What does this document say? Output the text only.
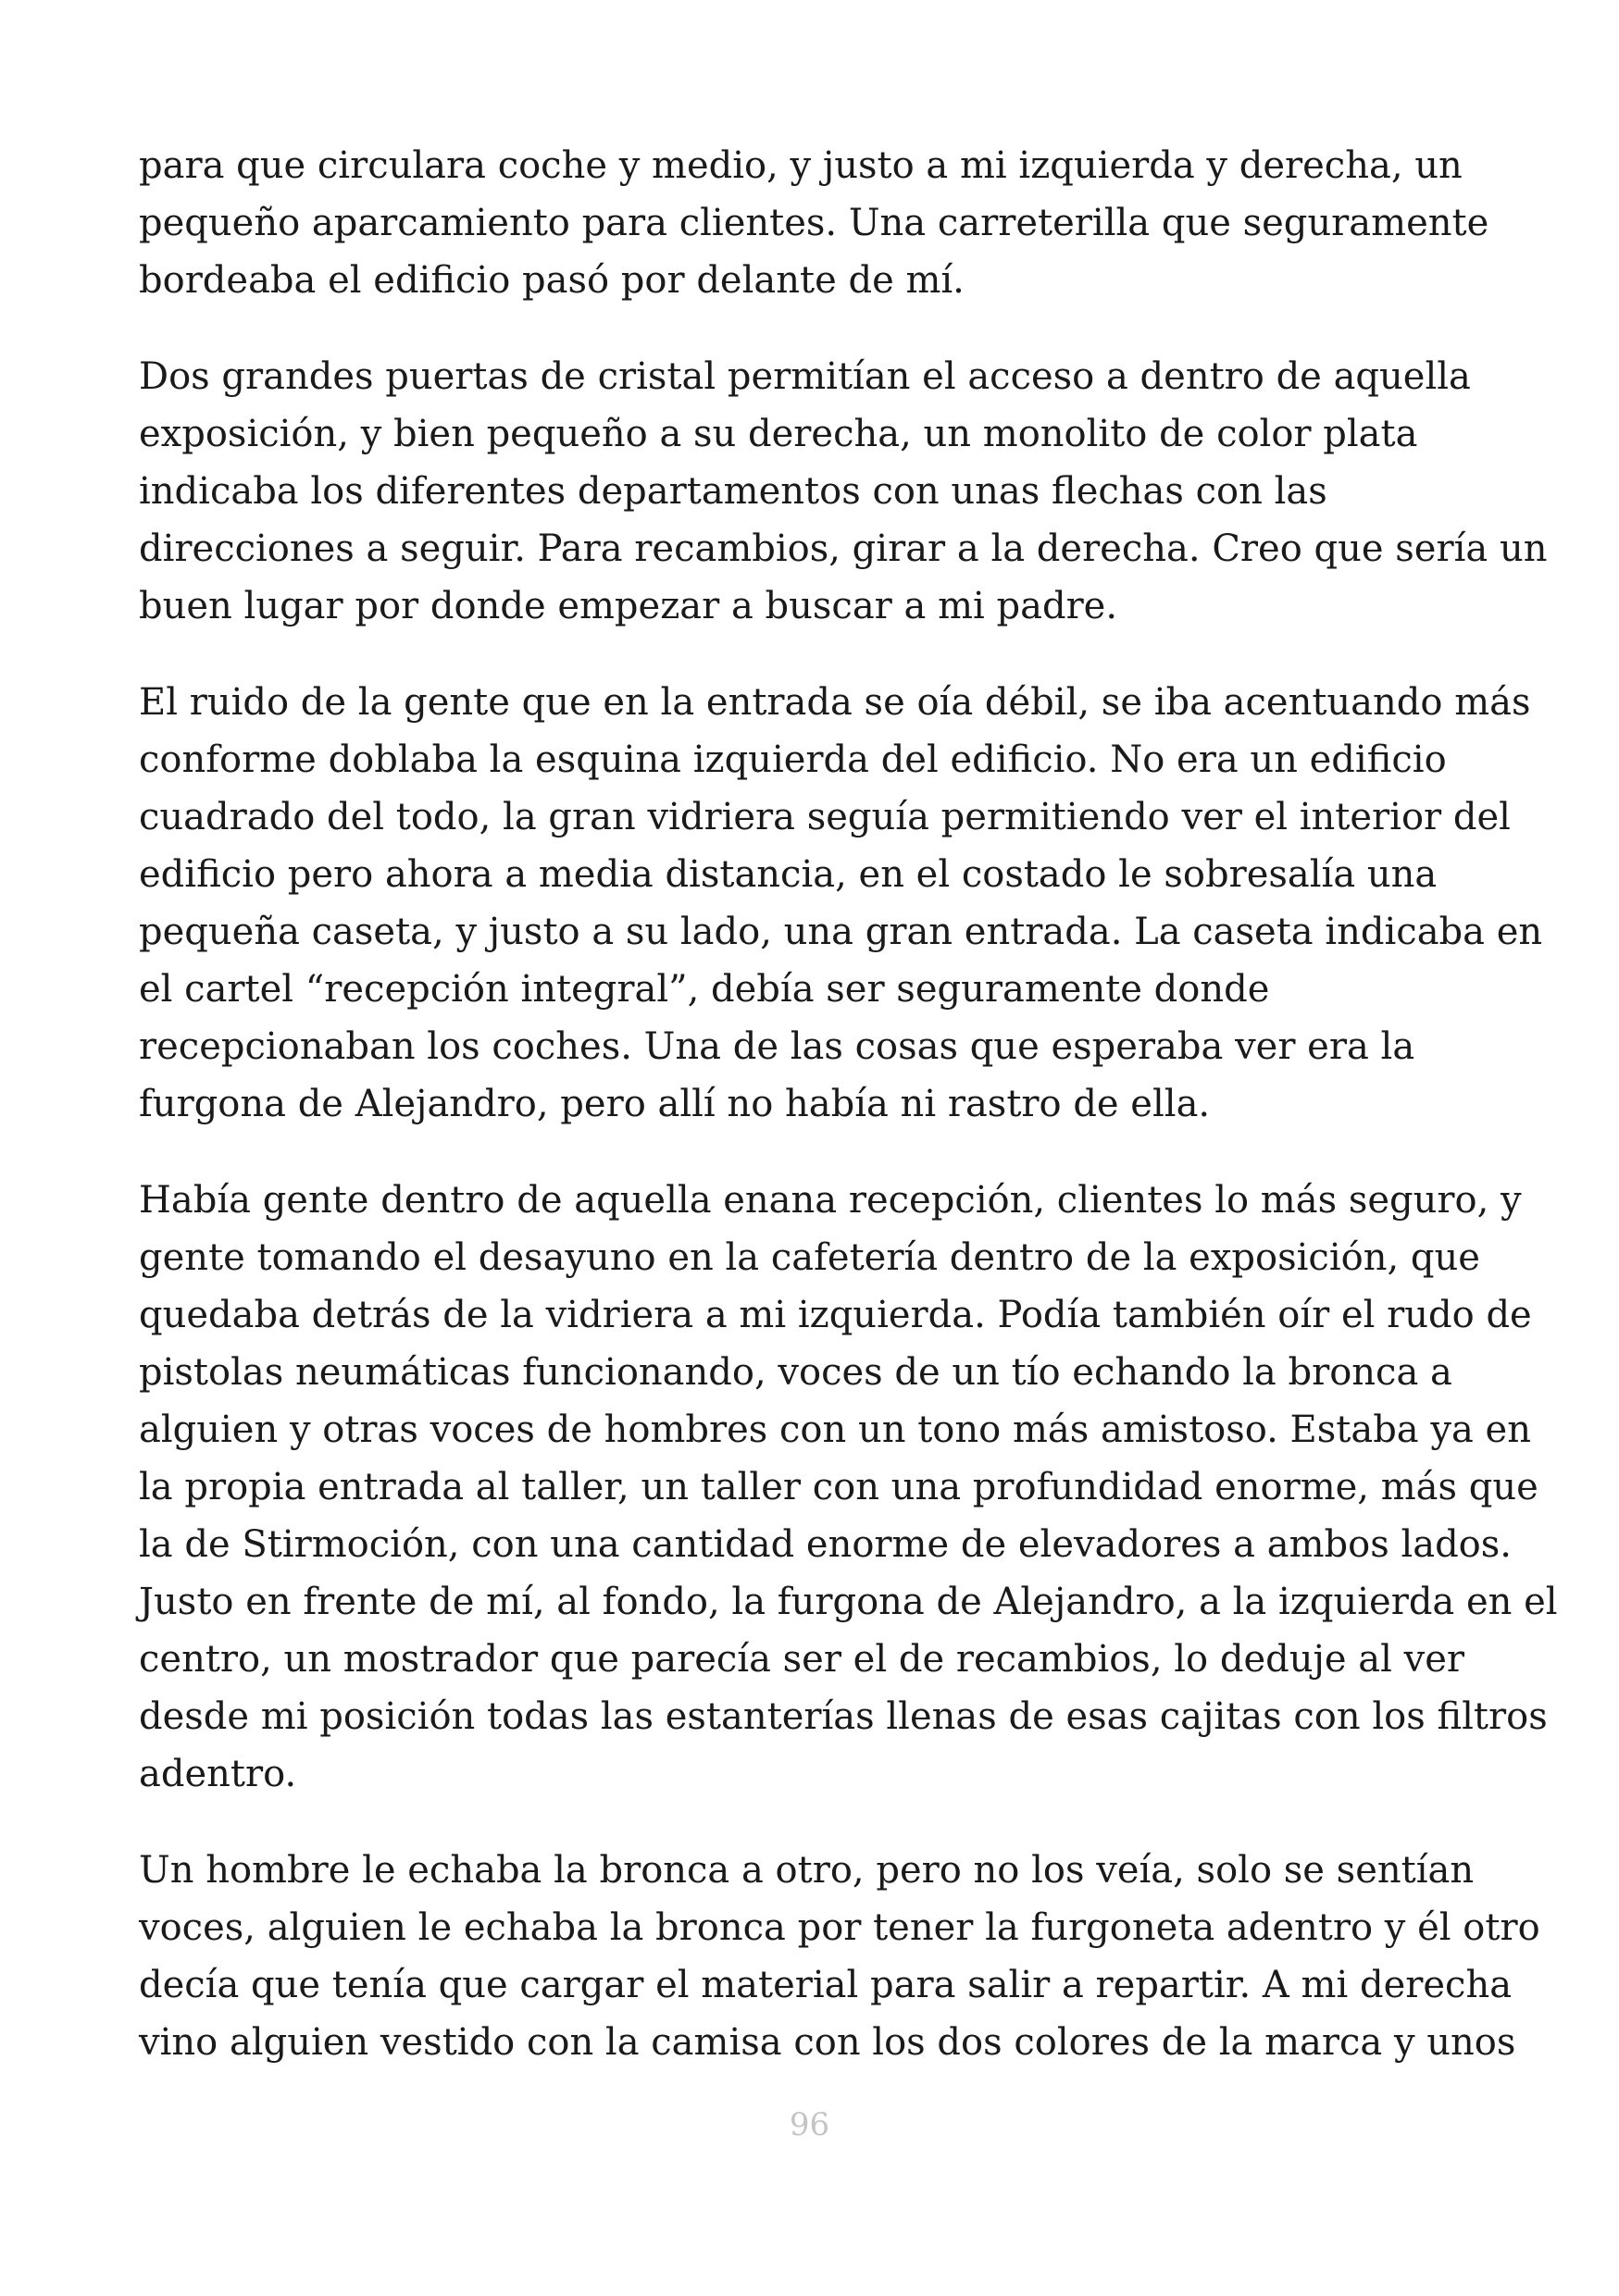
para que circulara coche y medio, y justo a mi izquierda y derecha, un
pequeño aparcamiento para clientes. Una carreterilla que seguramente
bordeaba el edificio pasó por delante de mí.

Dos grandes puertas de cristal permitían el acceso a dentro de aquella
exposición, y bien pequeño a su derecha, un monolito de color plata
indicaba los diferentes departamentos con unas flechas con las
direcciones a seguir. Para recambios, girar a la derecha. Creo que sería un
buen lugar por donde empezar a buscar a mi padre.

El ruido de la gente que en la entrada se oía débil, se iba acentuando más
conforme doblaba la esquina izquierda del edificio. No era un edificio
cuadrado del todo, la gran vidriera seguía permitiendo ver el interior del
edificio pero ahora a media distancia, en el costado le sobresalía una
pequeña caseta, y justo a su lado, una gran entrada. La caseta indicaba en
el cartel “recepción integral”, debía ser seguramente donde
recepcionaban los coches. Una de las cosas que esperaba ver era la
furgona de Alejandro, pero allí no había ni rastro de ella.

Había gente dentro de aquella enana recepción, clientes lo más seguro, y
gente tomando el desayuno en la cafetería dentro de la exposición, que
quedaba detrás de la vidriera a mi izquierda. Podía también oír el rudo de
pistolas neumáticas funcionando, voces de un tío echando la bronca a
alguien y otras voces de hombres con un tono más amistoso. Estaba ya en
la propia entrada al taller, un taller con una profundidad enorme, más que
la de Stirmoción, con una cantidad enorme de elevadores a ambos lados.
Justo en frente de mí, al fondo, la furgona de Alejandro, a la izquierda en el
centro, un mostrador que parecía ser el de recambios, lo deduje al ver
desde mi posición todas las estanterías llenas de esas cajitas con los filtros
adentro.

Un hombre le echaba la bronca a otro, pero no los veía, solo se sentían
voces, alguien le echaba la bronca por tener la furgoneta adentro y él otro
decía que tenía que cargar el material para salir a repartir. A mi derecha
vino alguien vestido con la camisa con los dos colores de la marca y unos

96
